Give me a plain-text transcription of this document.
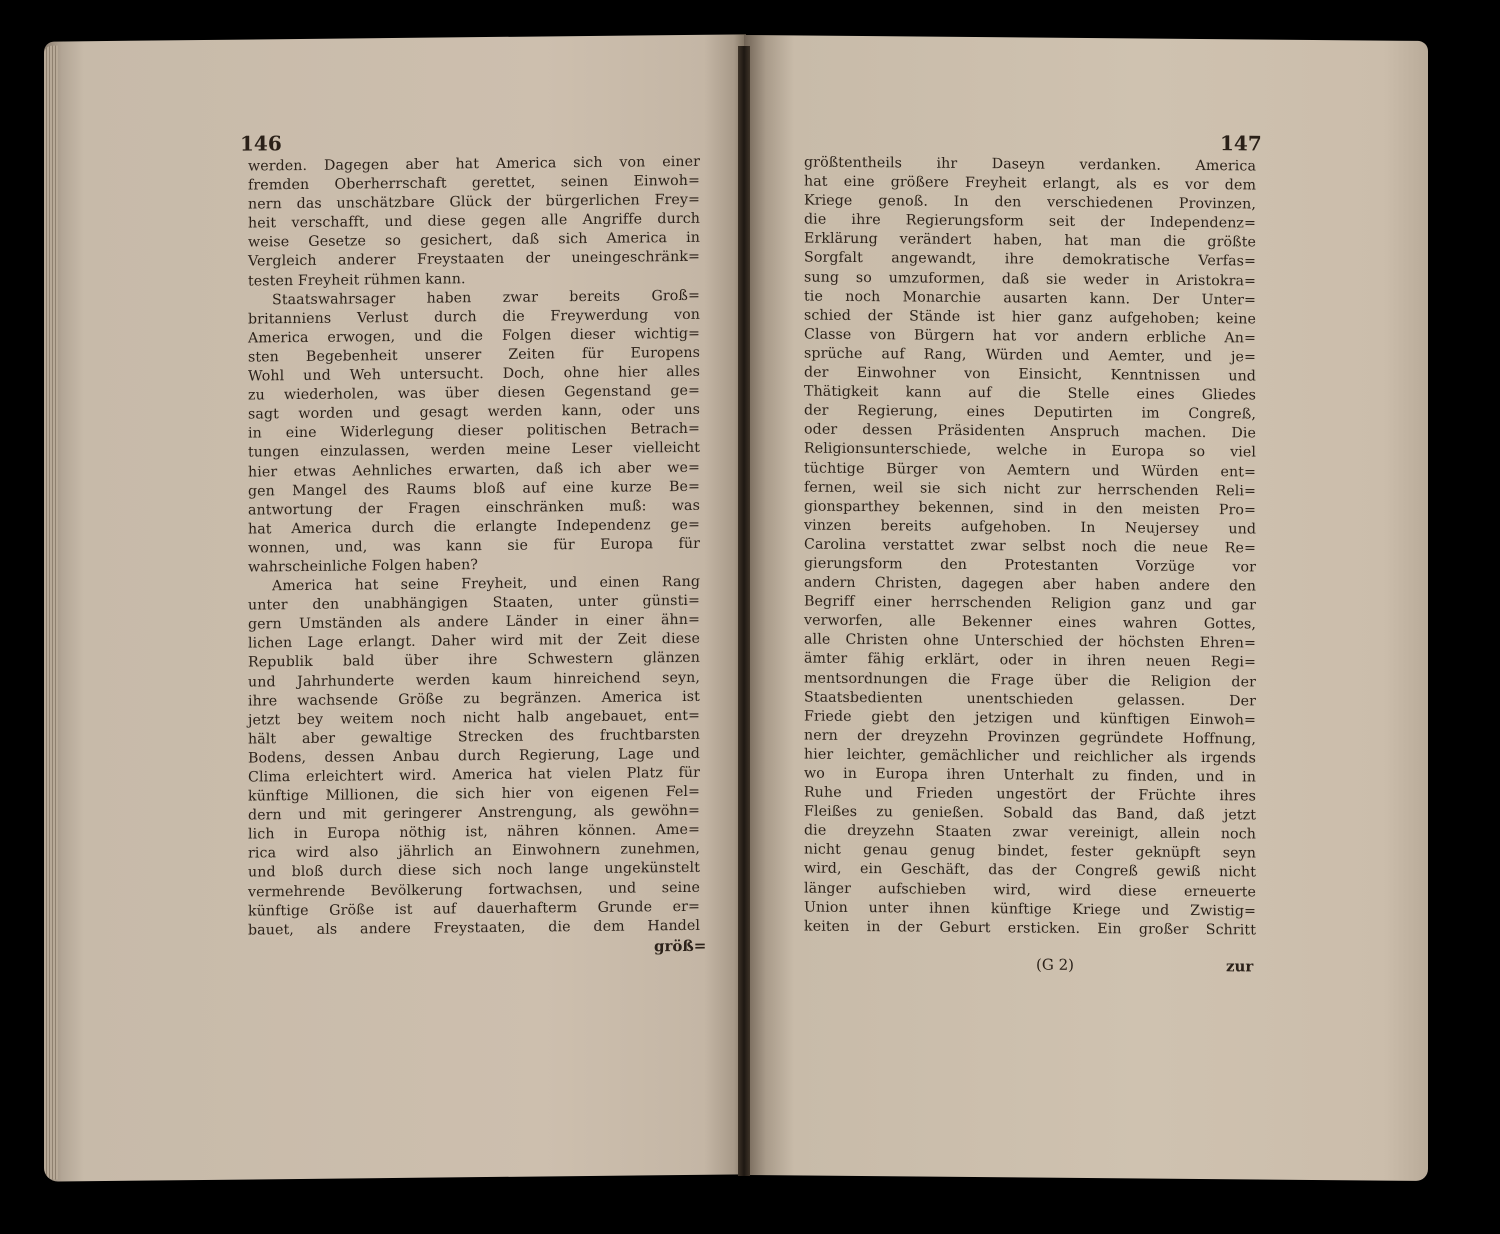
146
werden. Dagegen aber hat America sich von einer
fremden Oberherrschaft gerettet, seinen Einwoh=
nern das unschätzbare Glück der bürgerlichen Frey=
heit verschafft, und diese gegen alle Angriffe durch
weise Gesetze so gesichert, daß sich America in
Vergleich anderer Freystaaten der uneingeschränk=
testen Freyheit rühmen kann.
Staatswahrsager haben zwar bereits Groß=
britanniens Verlust durch die Freywerdung von
America erwogen, und die Folgen dieser wichtig=
sten Begebenheit unserer Zeiten für Europens
Wohl und Weh untersucht. Doch, ohne hier alles
zu wiederholen, was über diesen Gegenstand ge=
sagt worden und gesagt werden kann, oder uns
in eine Widerlegung dieser politischen Betrach=
tungen einzulassen, werden meine Leser vielleicht
hier etwas Aehnliches erwarten, daß ich aber we=
gen Mangel des Raums bloß auf eine kurze Be=
antwortung der Fragen einschränken muß: was
hat America durch die erlangte Independenz ge=
wonnen, und, was kann sie für Europa für
wahrscheinliche Folgen haben?
America hat seine Freyheit, und einen Rang
unter den unabhängigen Staaten, unter günsti=
gern Umständen als andere Länder in einer ähn=
lichen Lage erlangt. Daher wird mit der Zeit diese
Republik bald über ihre Schwestern glänzen
und Jahrhunderte werden kaum hinreichend seyn,
ihre wachsende Größe zu begränzen. America ist
jetzt bey weitem noch nicht halb angebauet, ent=
hält aber gewaltige Strecken des fruchtbarsten
Bodens, dessen Anbau durch Regierung, Lage und
Clima erleichtert wird. America hat vielen Platz für
künftige Millionen, die sich hier von eigenen Fel=
dern und mit geringerer Anstrengung, als gewöhn=
lich in Europa nöthig ist, nähren können. Ame=
rica wird also jährlich an Einwohnern zunehmen,
und bloß durch diese sich noch lange ungekünstelt
vermehrende Bevölkerung fortwachsen, und seine
künftige Größe ist auf dauerhafterm Grunde er=
bauet, als andere Freystaaten, die dem Handel
größ=
147
größtentheils ihr Daseyn verdanken. America
hat eine größere Freyheit erlangt, als es vor dem
Kriege genoß. In den verschiedenen Provinzen,
die ihre Regierungsform seit der Independenz=
Erklärung verändert haben, hat man die größte
Sorgfalt angewandt, ihre demokratische Verfas=
sung so umzuformen, daß sie weder in Aristokra=
tie noch Monarchie ausarten kann. Der Unter=
schied der Stände ist hier ganz aufgehoben; keine
Classe von Bürgern hat vor andern erbliche An=
sprüche auf Rang, Würden und Aemter, und je=
der Einwohner von Einsicht, Kenntnissen und
Thätigkeit kann auf die Stelle eines Gliedes
der Regierung, eines Deputirten im Congreß,
oder dessen Präsidenten Anspruch machen. Die
Religionsunterschiede, welche in Europa so viel
tüchtige Bürger von Aemtern und Würden ent=
fernen, weil sie sich nicht zur herrschenden Reli=
gionsparthey bekennen, sind in den meisten Pro=
vinzen bereits aufgehoben. In Neujersey und
Carolina verstattet zwar selbst noch die neue Re=
gierungsform den Protestanten Vorzüge vor
andern Christen, dagegen aber haben andere den
Begriff einer herrschenden Religion ganz und gar
verworfen, alle Bekenner eines wahren Gottes,
alle Christen ohne Unterschied der höchsten Ehren=
ämter fähig erklärt, oder in ihren neuen Regi=
mentsordnungen die Frage über die Religion der
Staatsbedienten unentschieden gelassen. Der
Friede giebt den jetzigen und künftigen Einwoh=
nern der dreyzehn Provinzen gegründete Hoffnung,
hier leichter, gemächlicher und reichlicher als irgends
wo in Europa ihren Unterhalt zu finden, und in
Ruhe und Frieden ungestört der Früchte ihres
Fleißes zu genießen. Sobald das Band, daß jetzt
die dreyzehn Staaten zwar vereinigt, allein noch
nicht genau genug bindet, fester geknüpft seyn
wird, ein Geschäft, das der Congreß gewiß nicht
länger aufschieben wird, wird diese erneuerte
Union unter ihnen künftige Kriege und Zwistig=
keiten in der Geburt ersticken. Ein großer Schritt
(G 2)	zur
